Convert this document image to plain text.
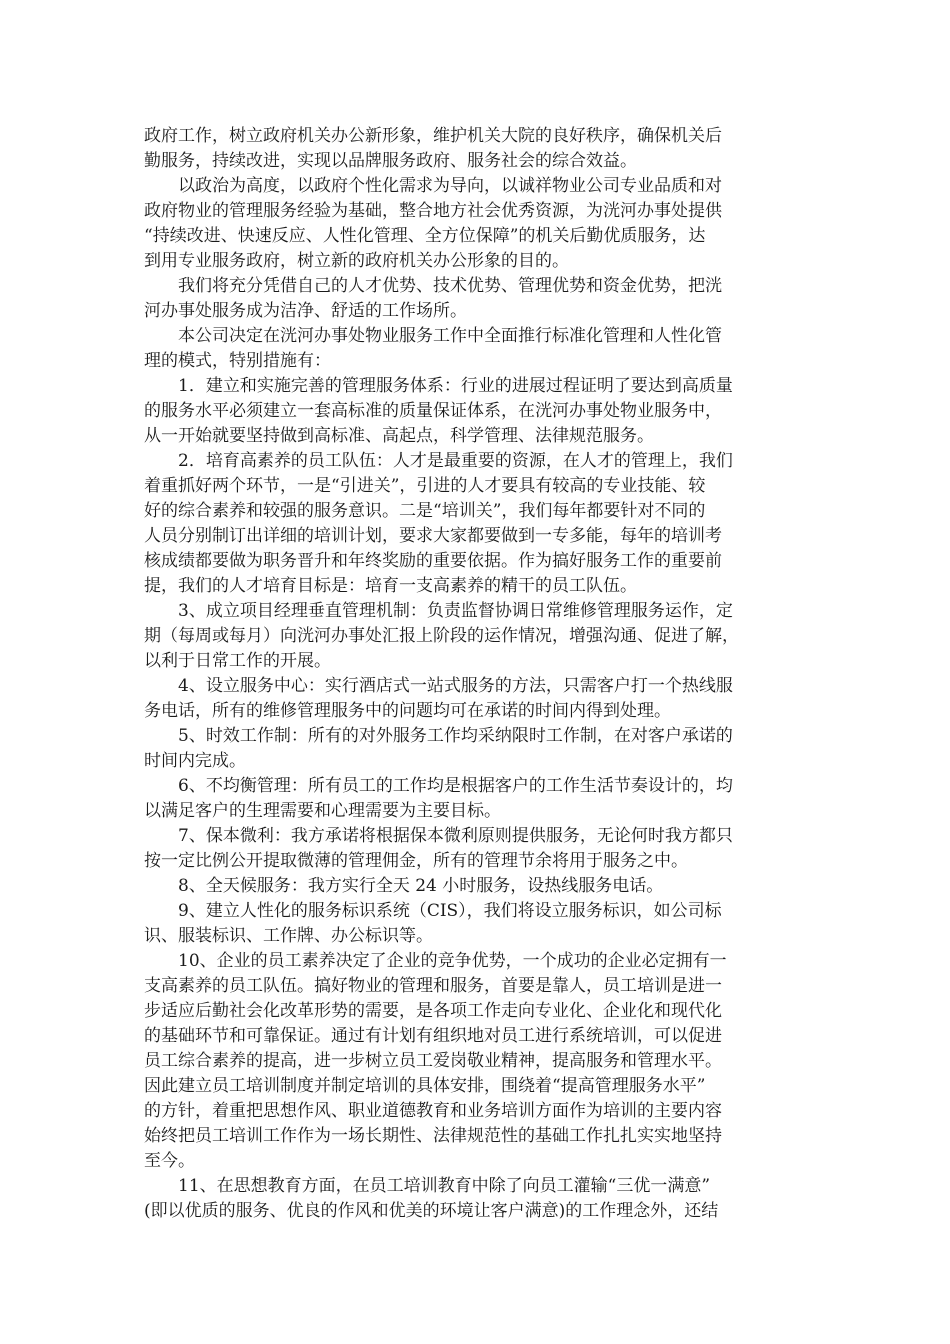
政府工作，树立政府机关办公新形象，维护机关大院的良好秩序，确保机关后
勤服务，持续改进，实现以品牌服务政府、服务社会的综合效益。
以政治为高度，以政府个性化需求为导向，以诚祥物业公司专业品质和对
政府物业的管理服务经验为基础，整合地方社会优秀资源，为洸河办事处提供
“持续改进、快速反应、人性化管理、全方位保障”的机关后勤优质服务，达
到用专业服务政府，树立新的政府机关办公形象的目的。
我们将充分凭借自己的人才优势、技术优势、管理优势和资金优势，把洸
河办事处服务成为洁净、舒适的工作场所。
本公司决定在洸河办事处物业服务工作中全面推行标准化管理和人性化管
理的模式，特别措施有：
1．建立和实施完善的管理服务体系：行业的进展过程证明了要达到高质量
的服务水平必须建立一套高标准的质量保证体系，在洸河办事处物业服务中，
从一开始就要坚持做到高标准、高起点，科学管理、法律规范服务。
2．培育高素养的员工队伍：人才是最重要的资源，在人才的管理上，我们
着重抓好两个环节，一是“引进关”，引进的人才要具有较高的专业技能、较
好的综合素养和较强的服务意识。二是“培训关”，我们每年都要针对不同的
人员分别制订出详细的培训计划，要求大家都要做到一专多能，每年的培训考
核成绩都要做为职务晋升和年终奖励的重要依据。作为搞好服务工作的重要前
提，我们的人才培育目标是：培育一支高素养的精干的员工队伍。
3、成立项目经理垂直管理机制：负责监督协调日常维修管理服务运作，定
期（每周或每月）向洸河办事处汇报上阶段的运作情况，增强沟通、促进了解，
以利于日常工作的开展。
4、设立服务中心：实行酒店式一站式服务的方法，只需客户打一个热线服
务电话，所有的维修管理服务中的问题均可在承诺的时间内得到处理。
5、时效工作制：所有的对外服务工作均采纳限时工作制，在对客户承诺的
时间内完成。
6、不均衡管理：所有员工的工作均是根据客户的工作生活节奏设计的，均
以满足客户的生理需要和心理需要为主要目标。
7、保本微利：我方承诺将根据保本微利原则提供服务，无论何时我方都只
按一定比例公开提取微薄的管理佣金，所有的管理节余将用于服务之中。
8、全天候服务：我方实行全天 24 小时服务，设热线服务电话。
9、建立人性化的服务标识系统（CIS），我们将设立服务标识，如公司标
识、服装标识、工作牌、办公标识等。
10、企业的员工素养决定了企业的竞争优势，一个成功的企业必定拥有一
支高素养的员工队伍。搞好物业的管理和服务，首要是靠人，员工培训是进一
步适应后勤社会化改革形势的需要，是各项工作走向专业化、企业化和现代化
的基础环节和可靠保证。通过有计划有组织地对员工进行系统培训，可以促进
员工综合素养的提高，进一步树立员工爱岗敬业精神，提高服务和管理水平。
因此建立员工培训制度并制定培训的具体安排，围绕着“提高管理服务水平”
的方针，着重把思想作风、职业道德教育和业务培训方面作为培训的主要内容
始终把员工培训工作作为一场长期性、法律规范性的基础工作扎扎实实地坚持
至今。
11、在思想教育方面，在员工培训教育中除了向员工灌输“三优一满意”
(即以优质的服务、优良的作风和优美的环境让客户满意)的工作理念外，还结
